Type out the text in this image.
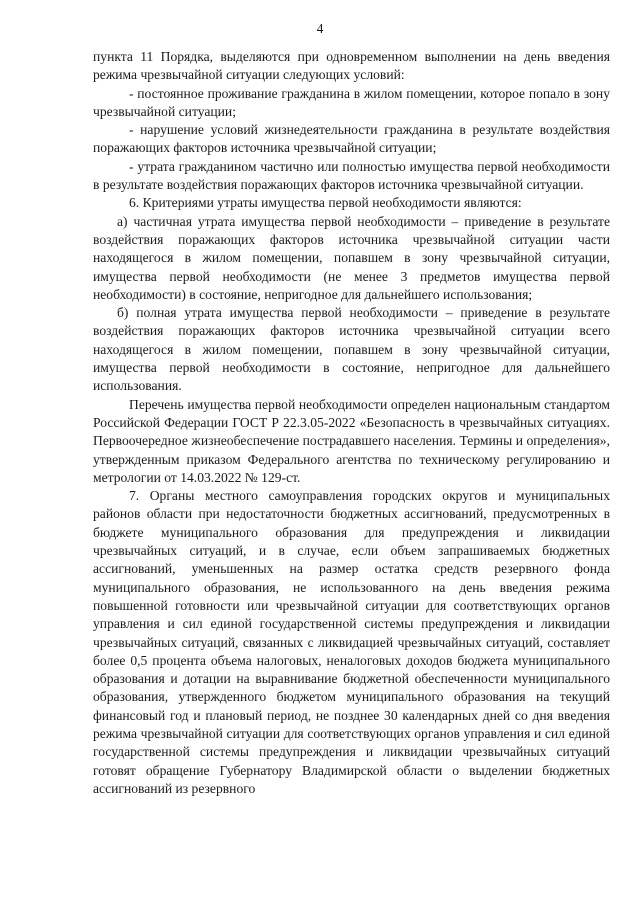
4

пункта 11 Порядка, выделяются при одновременном выполнении на день введения режима чрезвычайной ситуации следующих условий:

- постоянное проживание гражданина в жилом помещении, которое попало в зону чрезвычайной ситуации;

- нарушение условий жизнедеятельности гражданина в результате воздействия поражающих факторов источника чрезвычайной ситуации;

- утрата гражданином частично или полностью имущества первой необходимости в результате воздействия поражающих факторов источника чрезвычайной ситуации.

6. Критериями утраты имущества первой необходимости являются:

а) частичная утрата имущества первой необходимости – приведение в результате воздействия поражающих факторов источника чрезвычайной ситуации части находящегося в жилом помещении, попавшем в зону чрезвычайной ситуации, имущества первой необходимости (не менее 3 предметов имущества первой необходимости) в состояние, непригодное для дальнейшего использования;

б) полная утрата имущества первой необходимости – приведение в результате воздействия поражающих факторов источника чрезвычайной ситуации всего находящегося в жилом помещении, попавшем в зону чрезвычайной ситуации, имущества первой необходимости в состояние, непригодное для дальнейшего использования.

Перечень имущества первой необходимости определен национальным стандартом Российской Федерации ГОСТ Р 22.3.05-2022 «Безопасность в чрезвычайных ситуациях. Первоочередное жизнеобеспечение пострадавшего населения. Термины и определения», утвержденным приказом Федерального агентства по техническому регулированию и метрологии от 14.03.2022 № 129-ст.

7. Органы местного самоуправления городских округов и муниципальных районов области при недостаточности бюджетных ассигнований, предусмотренных в бюджете муниципального образования для предупреждения и ликвидации чрезвычайных ситуаций, и в случае, если объем запрашиваемых бюджетных ассигнований, уменьшенных на размер остатка средств резервного фонда муниципального образования, не использованного на день введения режима повышенной готовности или чрезвычайной ситуации для соответствующих органов управления и сил единой государственной системы предупреждения и ликвидации чрезвычайных ситуаций, связанных с ликвидацией чрезвычайных ситуаций, составляет более 0,5 процента объема налоговых, неналоговых доходов бюджета муниципального образования и дотации на выравнивание бюджетной обеспеченности муниципального образования, утвержденного бюджетом муниципального образования на текущий финансовый год и плановый период, не позднее 30 календарных дней со дня введения режима чрезвычайной ситуации для соответствующих органов управления и сил единой государственной системы предупреждения и ликвидации чрезвычайных ситуаций готовят обращение Губернатору Владимирской области о выделении бюджетных ассигнований из резервного
